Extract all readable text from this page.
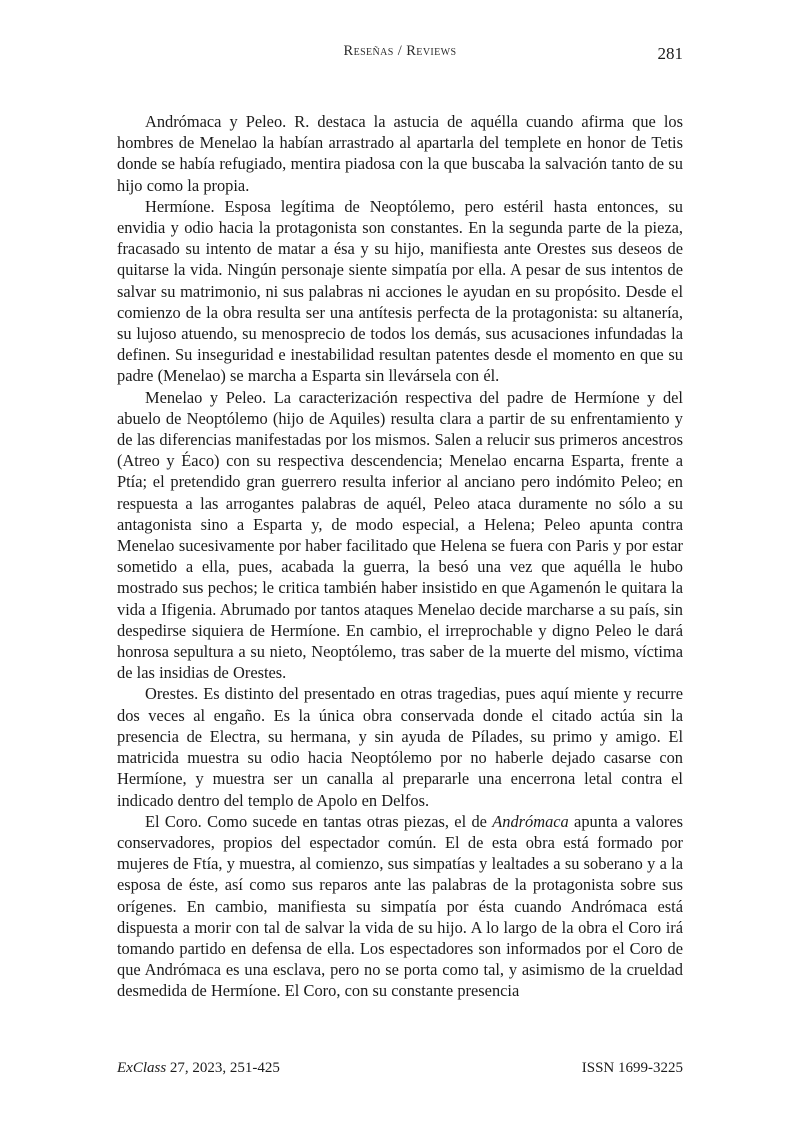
Reseñas / Reviews	281

Andrómaca y Peleo. R. destaca la astucia de aquélla cuando afirma que los hombres de Menelao la habían arrastrado al apartarla del templete en honor de Tetis donde se había refugiado, mentira piadosa con la que buscaba la salvación tanto de su hijo como la propia.

Hermíone. Esposa legítima de Neoptólemo, pero estéril hasta entonces, su envidia y odio hacia la protagonista son constantes. En la segunda parte de la pieza, fracasado su intento de matar a ésa y su hijo, manifiesta ante Orestes sus deseos de quitarse la vida. Ningún personaje siente simpatía por ella. A pesar de sus intentos de salvar su matrimonio, ni sus palabras ni acciones le ayudan en su propósito. Desde el comienzo de la obra resulta ser una antítesis perfecta de la protagonista: su altanería, su lujoso atuendo, su menosprecio de todos los demás, sus acusaciones infundadas la definen. Su inseguridad e inestabilidad resultan patentes desde el momento en que su padre (Menelao) se marcha a Esparta sin llevársela con él.

Menelao y Peleo. La caracterización respectiva del padre de Hermíone y del abuelo de Neoptólemo (hijo de Aquiles) resulta clara a partir de su enfrentamiento y de las diferencias manifestadas por los mismos. Salen a relucir sus primeros ancestros (Atreo y Éaco) con su respectiva descendencia; Menelao encarna Esparta, frente a Ptía; el pretendido gran guerrero resulta inferior al anciano pero indómito Peleo; en respuesta a las arrogantes palabras de aquél, Peleo ataca duramente no sólo a su antagonista sino a Esparta y, de modo especial, a Helena; Peleo apunta contra Menelao sucesivamente por haber facilitado que Helena se fuera con Paris y por estar sometido a ella, pues, acabada la guerra, la besó una vez que aquélla le hubo mostrado sus pechos; le critica también haber insistido en que Agamenón le quitara la vida a Ifigenia. Abrumado por tantos ataques Menelao decide marcharse a su país, sin despedirse siquiera de Hermíone. En cambio, el irreprochable y digno Peleo le dará honrosa sepultura a su nieto, Neoptólemo, tras saber de la muerte del mismo, víctima de las insidias de Orestes.

Orestes. Es distinto del presentado en otras tragedias, pues aquí miente y recurre dos veces al engaño. Es la única obra conservada donde el citado actúa sin la presencia de Electra, su hermana, y sin ayuda de Pílades, su primo y amigo. El matricida muestra su odio hacia Neoptólemo por no haberle dejado casarse con Hermíone, y muestra ser un canalla al prepararle una encerrona letal contra el indicado dentro del templo de Apolo en Delfos.

El Coro. Como sucede en tantas otras piezas, el de Andrómaca apunta a valores conservadores, propios del espectador común. El de esta obra está formado por mujeres de Ftía, y muestra, al comienzo, sus simpatías y lealtades a su soberano y a la esposa de éste, así como sus reparos ante las palabras de la protagonista sobre sus orígenes. En cambio, manifiesta su simpatía por ésta cuando Andrómaca está dispuesta a morir con tal de salvar la vida de su hijo. A lo largo de la obra el Coro irá tomando partido en defensa de ella. Los espectadores son informados por el Coro de que Andrómaca es una esclava, pero no se porta como tal, y asimismo de la crueldad desmedida de Hermíone. El Coro, con su constante presencia

ExClass 27, 2023, 251-425	ISSN 1699-3225
